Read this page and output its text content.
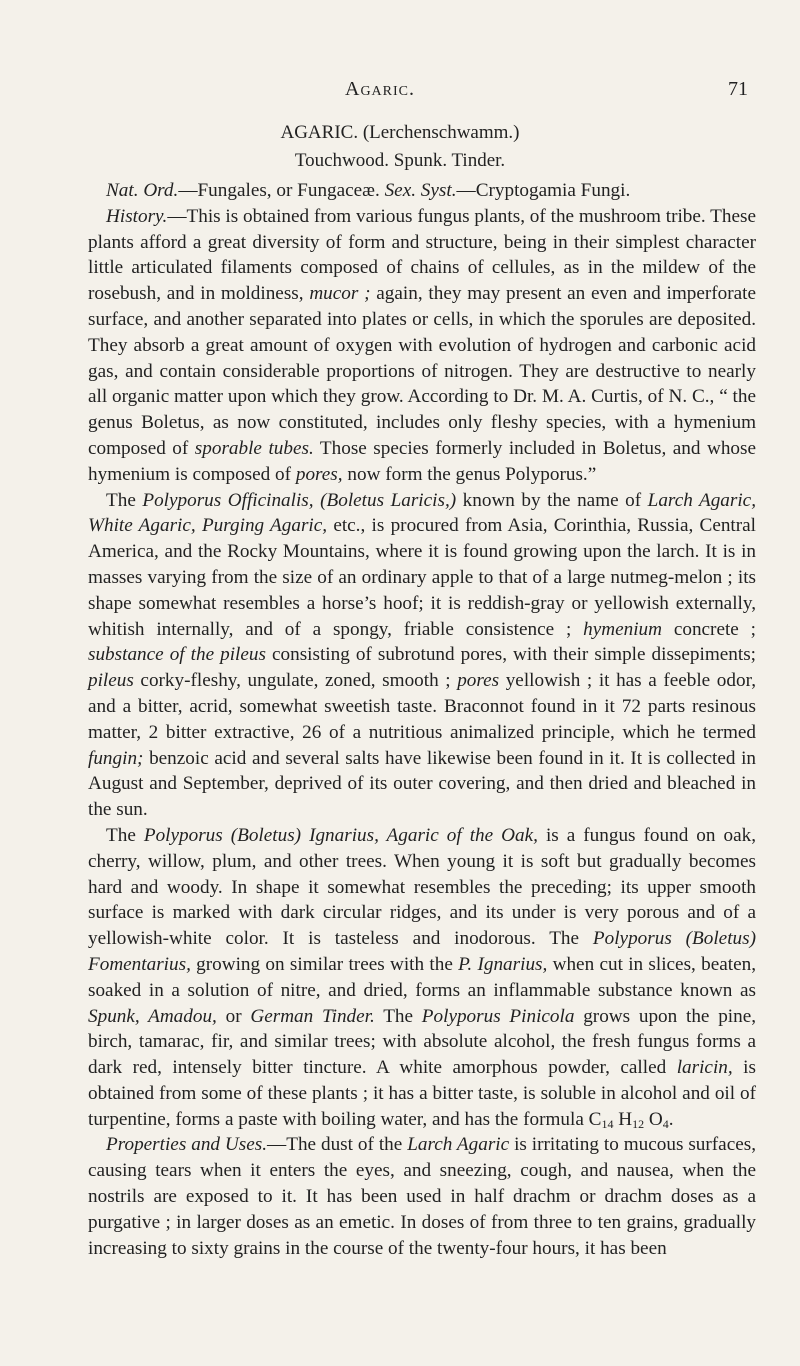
Agaric.	71
AGARIC. (Lerchenschwamm.)
Touchwood. Spunk. Tinder.

Nat. Ord.—Fungales, or Fungaceæ. Sex. Syst.—Cryptogamia Fungi.

History.—This is obtained from various fungus plants, of the mushroom tribe. These plants afford a great diversity of form and structure, being in their simplest character little articulated filaments composed of chains of cellules, as in the mildew of the rosebush, and in moldiness, mucor ; again, they may present an even and imperforate surface, and another separated into plates or cells, in which the sporules are deposited. They absorb a great amount of oxygen with evolution of hydrogen and carbonic acid gas, and contain considerable proportions of nitrogen. They are destructive to nearly all organic matter upon which they grow. According to Dr. M. A. Curtis, of N. C., “ the genus Boletus, as now constituted, includes only fleshy species, with a hymenium composed of sporable tubes. Those species formerly included in Boletus, and whose hymenium is composed of pores, now form the genus Polyporus.”

The Polyporus Officinalis, (Boletus Laricis,) known by the name of Larch Agaric, White Agaric, Purging Agaric, etc., is procured from Asia, Corinthia, Russia, Central America, and the Rocky Mountains, where it is found growing upon the larch. It is in masses varying from the size of an ordinary apple to that of a large nutmeg-melon ; its shape somewhat resembles a horse’s hoof; it is reddish-gray or yellowish externally, whitish internally, and of a spongy, friable consistence ; hymenium concrete ; substance of the pileus consisting of subrotund pores, with their simple dissepiments; pileus corky-fleshy, ungulate, zoned, smooth ; pores yellowish ; it has a feeble odor, and a bitter, acrid, somewhat sweetish taste. Braconnot found in it 72 parts resinous matter, 2 bitter extractive, 26 of a nutritious animalized principle, which he termed fungin; benzoic acid and several salts have likewise been found in it. It is collected in August and September, deprived of its outer covering, and then dried and bleached in the sun.

The Polyporus (Boletus) Ignarius, Agaric of the Oak, is a fungus found on oak, cherry, willow, plum, and other trees. When young it is soft but gradually becomes hard and woody. In shape it somewhat resembles the preceding; its upper smooth surface is marked with dark circular ridges, and its under is very porous and of a yellowish-white color. It is tasteless and inodorous. The Polyporus (Boletus) Fomentarius, growing on similar trees with the P. Ignarius, when cut in slices, beaten, soaked in a solution of nitre, and dried, forms an inflammable substance known as Spunk, Amadou, or German Tinder. The Polyporus Pinicola grows upon the pine, birch, tamarac, fir, and similar trees; with absolute alcohol, the fresh fungus forms a dark red, intensely bitter tincture. A white amorphous powder, called laricin, is obtained from some of these plants ; it has a bitter taste, is soluble in alcohol and oil of turpentine, forms a paste with boiling water, and has the formula $C_{14}$ $H_{12}$ $O_4$.

Properties and Uses.—The dust of the Larch Agaric is irritating to mucous surfaces, causing tears when it enters the eyes, and sneezing, cough, and nausea, when the nostrils are exposed to it. It has been used in half drachm or drachm doses as a purgative ; in larger doses as an emetic. In doses of from three to ten grains, gradually increasing to sixty grains in the course of the twenty-four hours, it has been
